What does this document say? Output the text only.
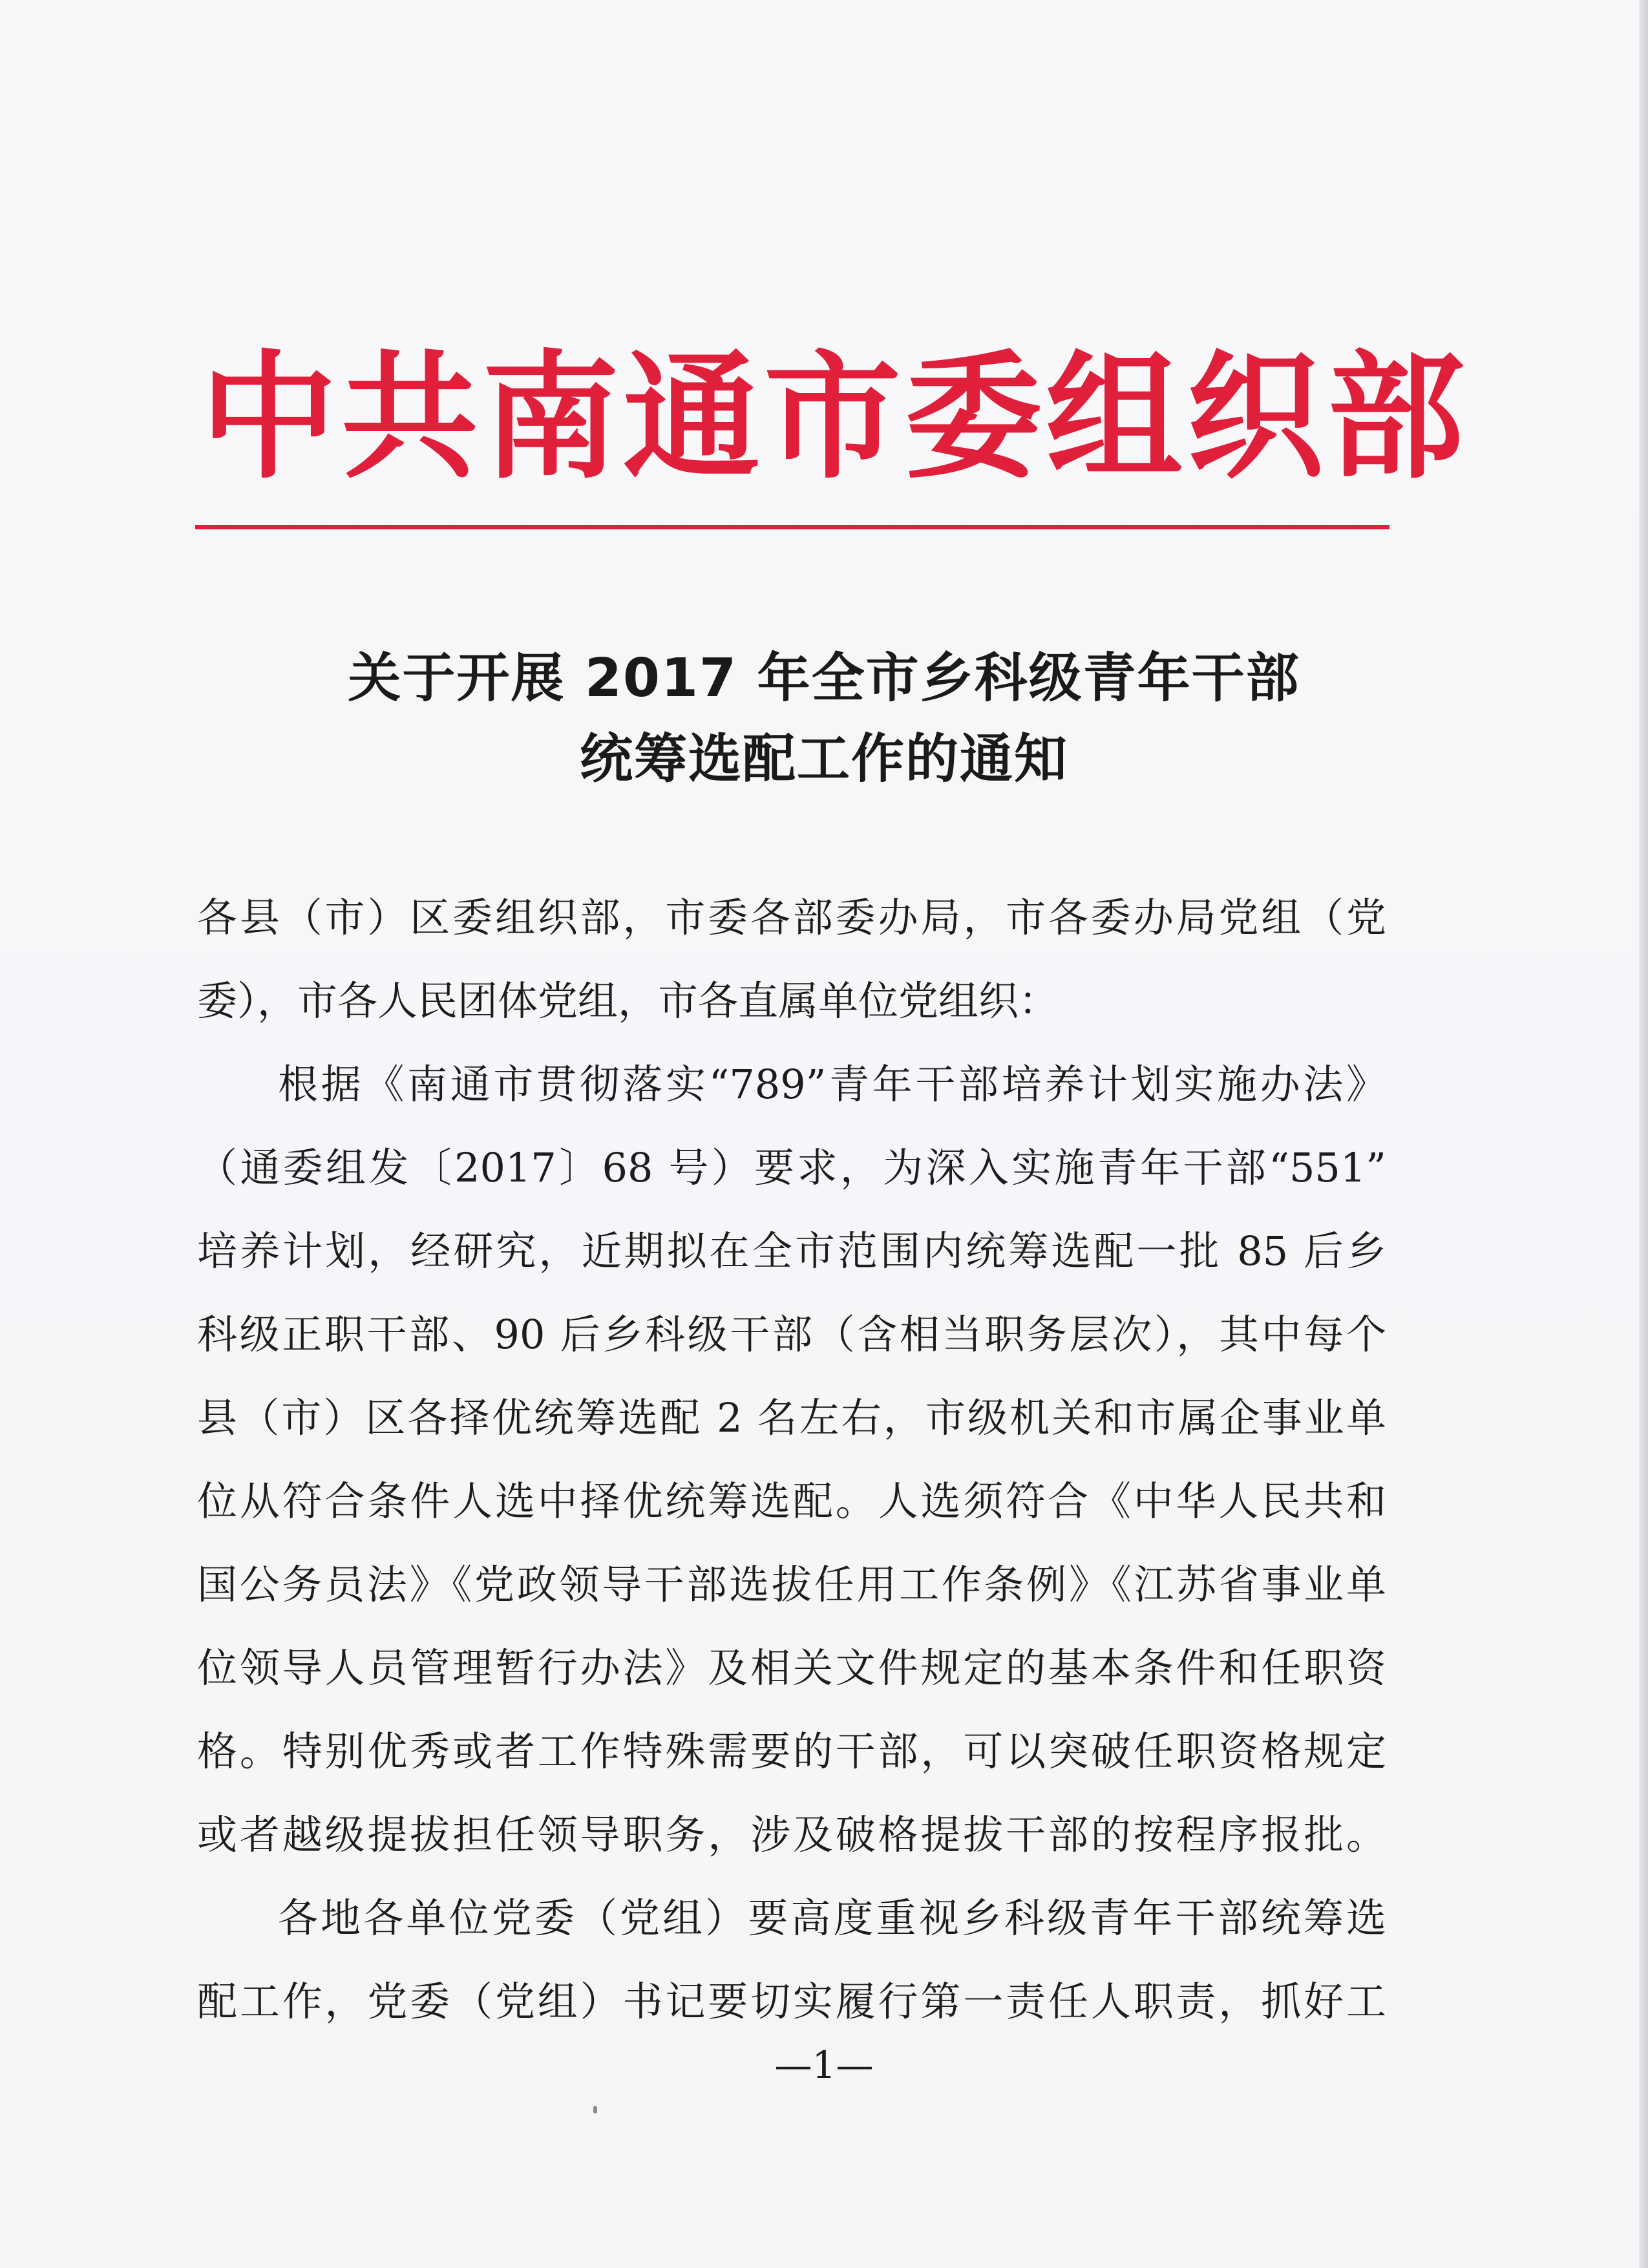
中共南通市委组织部
关于开展 2017 年全市乡科级青年干部
统筹选配工作的通知
各县（市）区委组织部，市委各部委办局，市各委办局党组（党
委），市各人民团体党组，市各直属单位党组织：
根据《南通市贯彻落实“789”青年干部培养计划实施办法》
（通委组发〔2017〕68 号）要求，为深入实施青年干部“551”
培养计划，经研究，近期拟在全市范围内统筹选配一批 85 后乡
科级正职干部、90 后乡科级干部（含相当职务层次），其中每个
县（市）区各择优统筹选配 2 名左右，市级机关和市属企事业单
位从符合条件人选中择优统筹选配。人选须符合《中华人民共和
国公务员法》《党政领导干部选拔任用工作条例》《江苏省事业单
位领导人员管理暂行办法》及相关文件规定的基本条件和任职资
格。特别优秀或者工作特殊需要的干部，可以突破任职资格规定
或者越级提拔担任领导职务，涉及破格提拔干部的按程序报批。
各地各单位党委（党组）要高度重视乡科级青年干部统筹选
配工作，党委（党组）书记要切实履行第一责任人职责，抓好工
—1—
